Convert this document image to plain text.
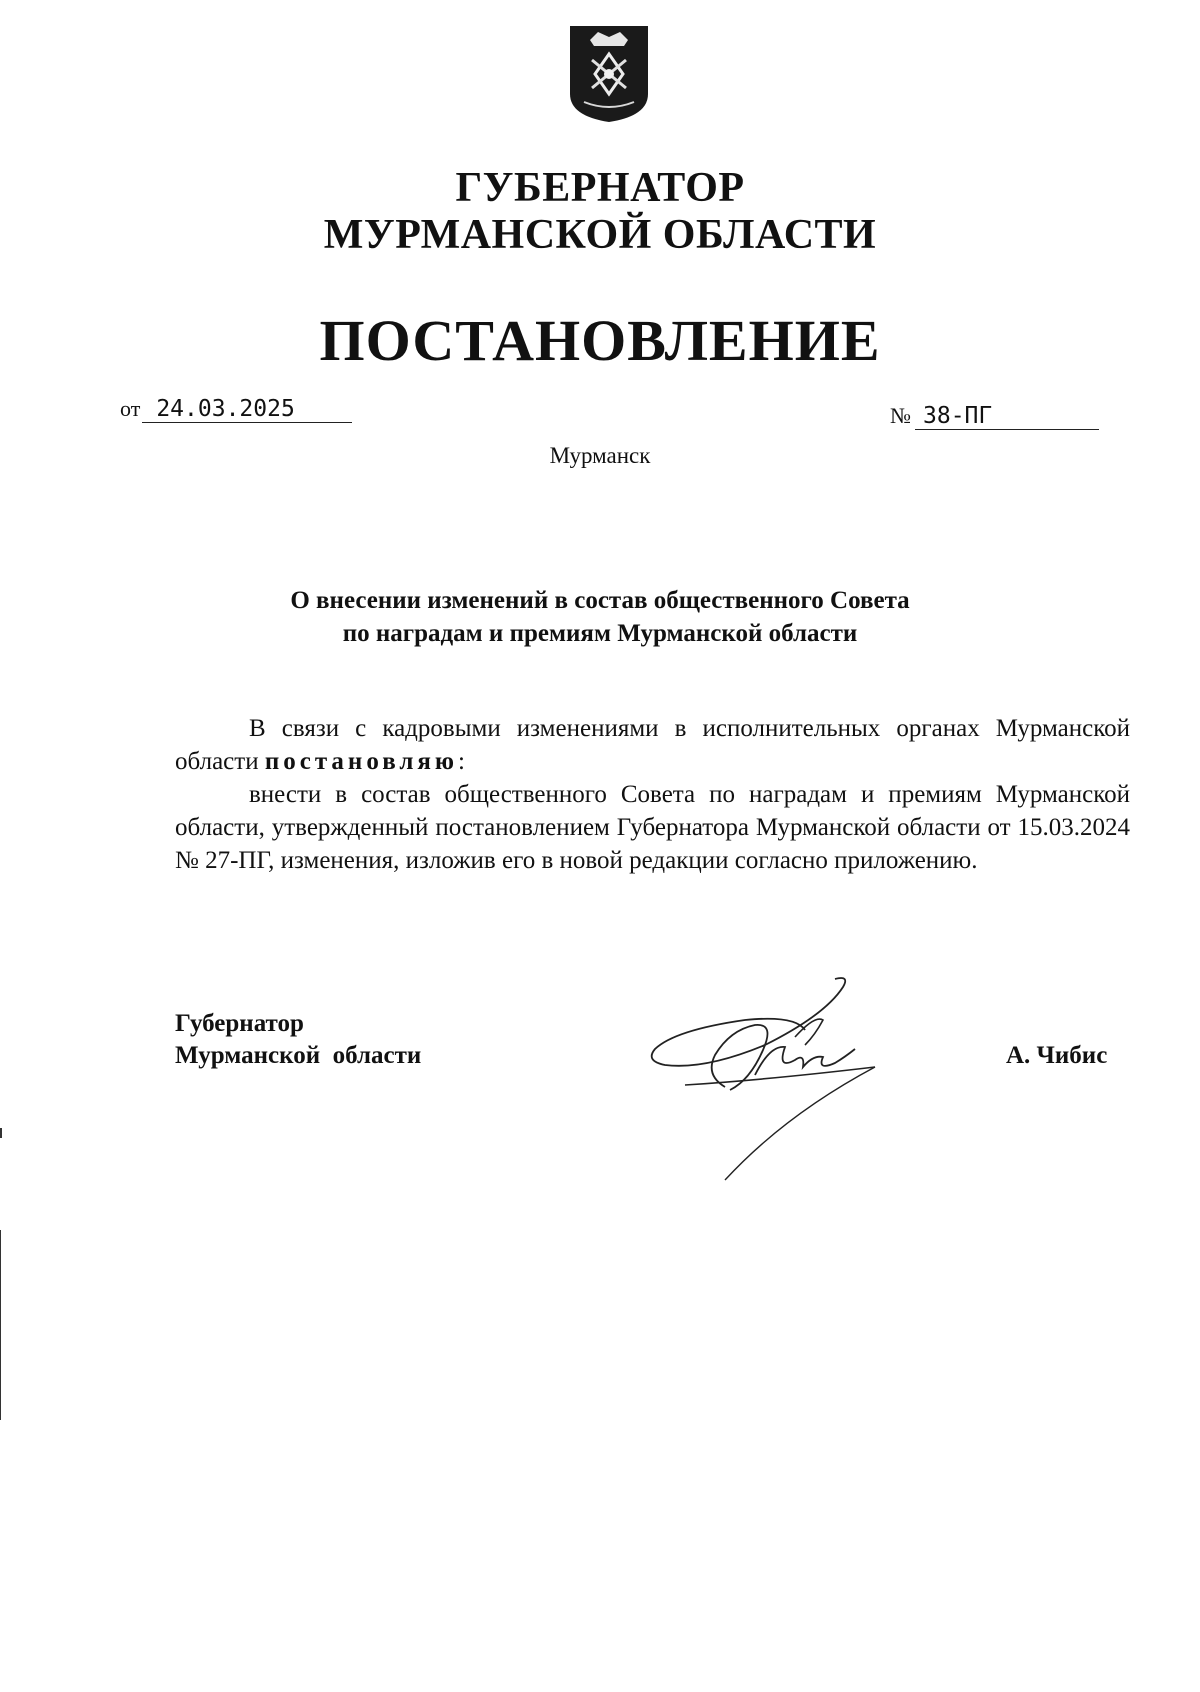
ГУБЕРНАТОР
МУРМАНСКОЙ ОБЛАСТИ
ПОСТАНОВЛЕНИЕ
от 24.03.2025	№ 38-ПГ
Мурманск
О внесении изменений в состав общественного Совета
по наградам и премиям Мурманской области

В связи с кадровыми изменениями в исполнительных органах Мурманской области постановляю:

внести в состав общественного Совета по наградам и премиям Мурманской области, утвержденный постановлением Губернатора Мурманской области от 15.03.2024 № 27-ПГ, изменения, изложив его в новой редакции согласно приложению.

Губернатор
Мурманской  области	А. Чибис
